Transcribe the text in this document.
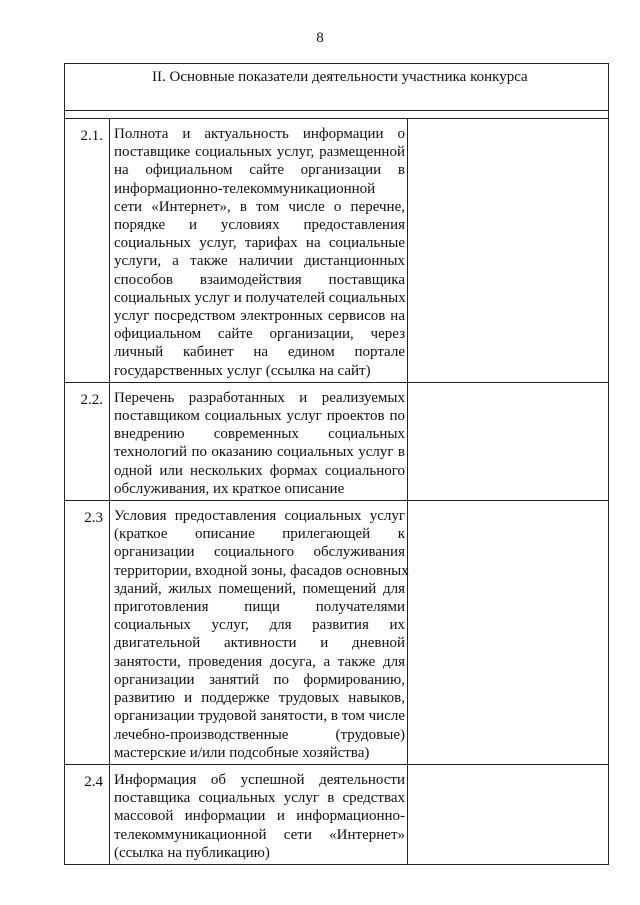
8
II. Основные показатели деятельности участника конкурса
2.1. Полнота и актуальность информации о
поставщике социальных услуг, размещенной
на официальном сайте организации в
информационно-телекоммуникационной
сети «Интернет», в том числе о перечне,
порядке и условиях предоставления
социальных услуг, тарифах на социальные
услуги, а также наличии дистанционных
способов взаимодействия поставщика
социальных услуг и получателей социальных
услуг посредством электронных сервисов на
официальном сайте организации, через
личный кабинет на едином портале
государственных услуг (ссылка на сайт)
2.2. Перечень разработанных и реализуемых
поставщиком социальных услуг проектов по
внедрению современных социальных
технологий по оказанию социальных услуг в
одной или нескольких формах социального
обслуживания, их краткое описание
2.3 Условия предоставления социальных услуг
(краткое описание прилегающей к
организации социального обслуживания
территории, входной зоны, фасадов основных
зданий, жилых помещений, помещений для
приготовления пищи получателями
социальных услуг, для развития их
двигательной активности и дневной
занятости, проведения досуга, а также для
организации занятий по формированию,
развитию и поддержке трудовых навыков,
организации трудовой занятости, в том числе
лечебно-производственные (трудовые)
мастерские и/или подсобные хозяйства)
2.4 Информация об успешной деятельности
поставщика социальных услуг в средствах
массовой информации и информационно-
телекоммуникационной сети «Интернет»
(ссылка на публикацию)
